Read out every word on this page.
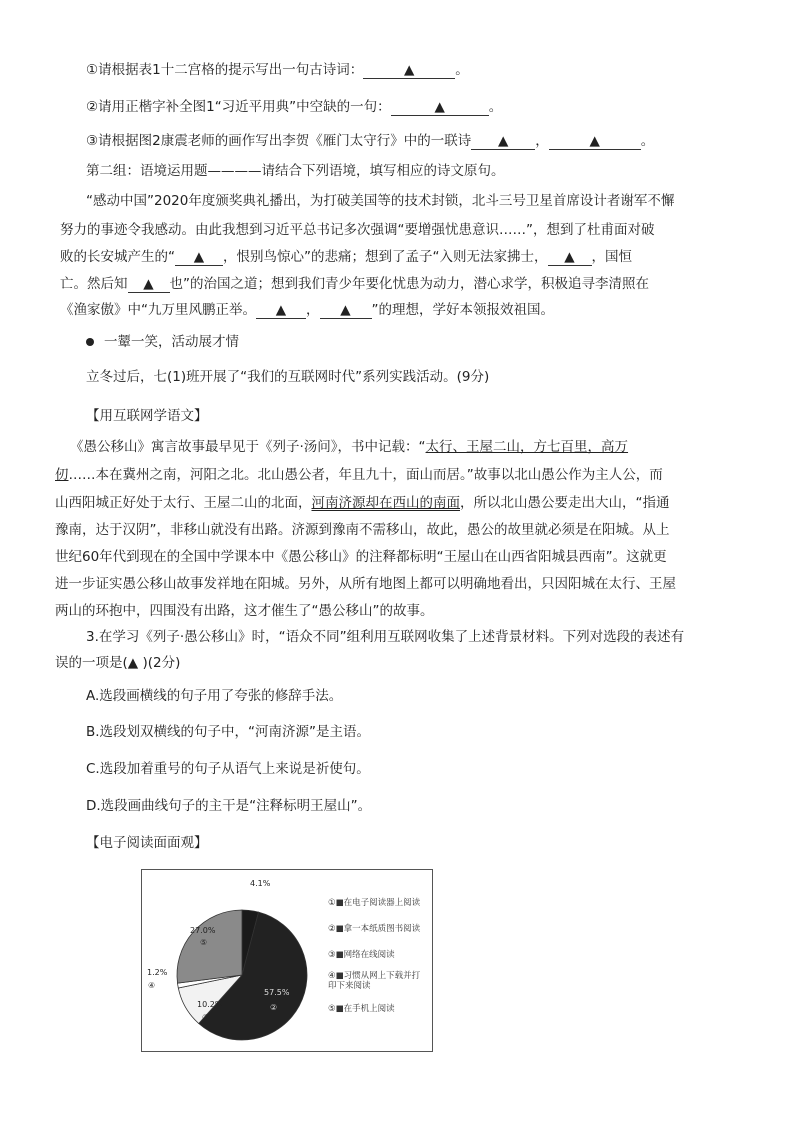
①请根据表1十二宫格的提示写出一句古诗词：	▲	。
②请用正楷字补全图1“习近平用典”中空缺的一句：	▲	。
③请根据图2康震老师的画作写出李贺《雁门太守行》中的一联诗 ▲ ，	▲	。
第二组：语境运用题————请结合下列语境，填写相应的诗文原句。
“感动中国”2020年度颁奖典礼播出，为打破美国等的技术封锁，北斗三号卫星首席设计者谢军不懈
努力的事迹令我感动。由此我想到习近平总书记多次强调“要增强忧患意识……”，想到了杜甫面对破
败的长安城产生的“ ▲ ，恨别鸟惊心”的悲痛；想到了孟子“入则无法家拂士， ▲ ，国恒
亡。然后知 ▲ 也”的治国之道；想到我们青少年要化忧患为动力，潜心求学，积极追寻李清照在
《渔家傲》中“九万里风鹏正举。 ▲ ， ▲ ”的理想，学好本领报效祖国。
一颦一笑，活动展才情
立冬过后，七(1)班开展了“我们的互联网时代”系列实践活动。(9分)
【用互联网学语文】
《愚公移山》寓言故事最早见于《列子·汤问》，书中记载：“太行、王屋二山，方七百里，高万
仞……本在冀州之南，河阳之北。北山愚公者，年且九十，面山而居。”故事以北山愚公作为主人公，而
山西阳城正好处于太行、王屋二山的北面，河南济源却在西山的南面，所以北山愚公要走出大山，“指通
豫南，达于汉阴”，非移山就没有出路。济源到豫南不需移山，故此，愚公的故里就必须是在阳城。从上
世纪60年代到现在的全国中学课本中《愚公移山》的注释都标明“王屋山在山西省阳城县西南”。这就更
进一步证实愚公移山故事发祥地在阳城。另外，从所有地图上都可以明确地看出，只因阳城在太行、王屋
两山的环抱中，四围没有出路，这才催生了“愚公移山”的故事。
3.在学习《列子·愚公移山》时，“语众不同”组利用互联网收集了上述背景材料。下列对选段的表述有
误的一项是(▲ )(2分)
A.选段画横线的句子用了夸张的修辞手法。
B.选段划双横线的句子中，“河南济源”是主语。
C.选段加着重号的句子从语气上来说是祈使句。
D.选段画曲线句子的主干是“注释标明王屋山”。
【电子阅读面面观】
4.1%
①
57.5%
②
10.2%
③
1.2%
④
27.0%
⑤
①■在电子阅读器上阅读
②■拿一本纸质图书阅读
③■网络在线阅读
④■习惯从网上下载并打印下来阅读
⑤■在手机上阅读
